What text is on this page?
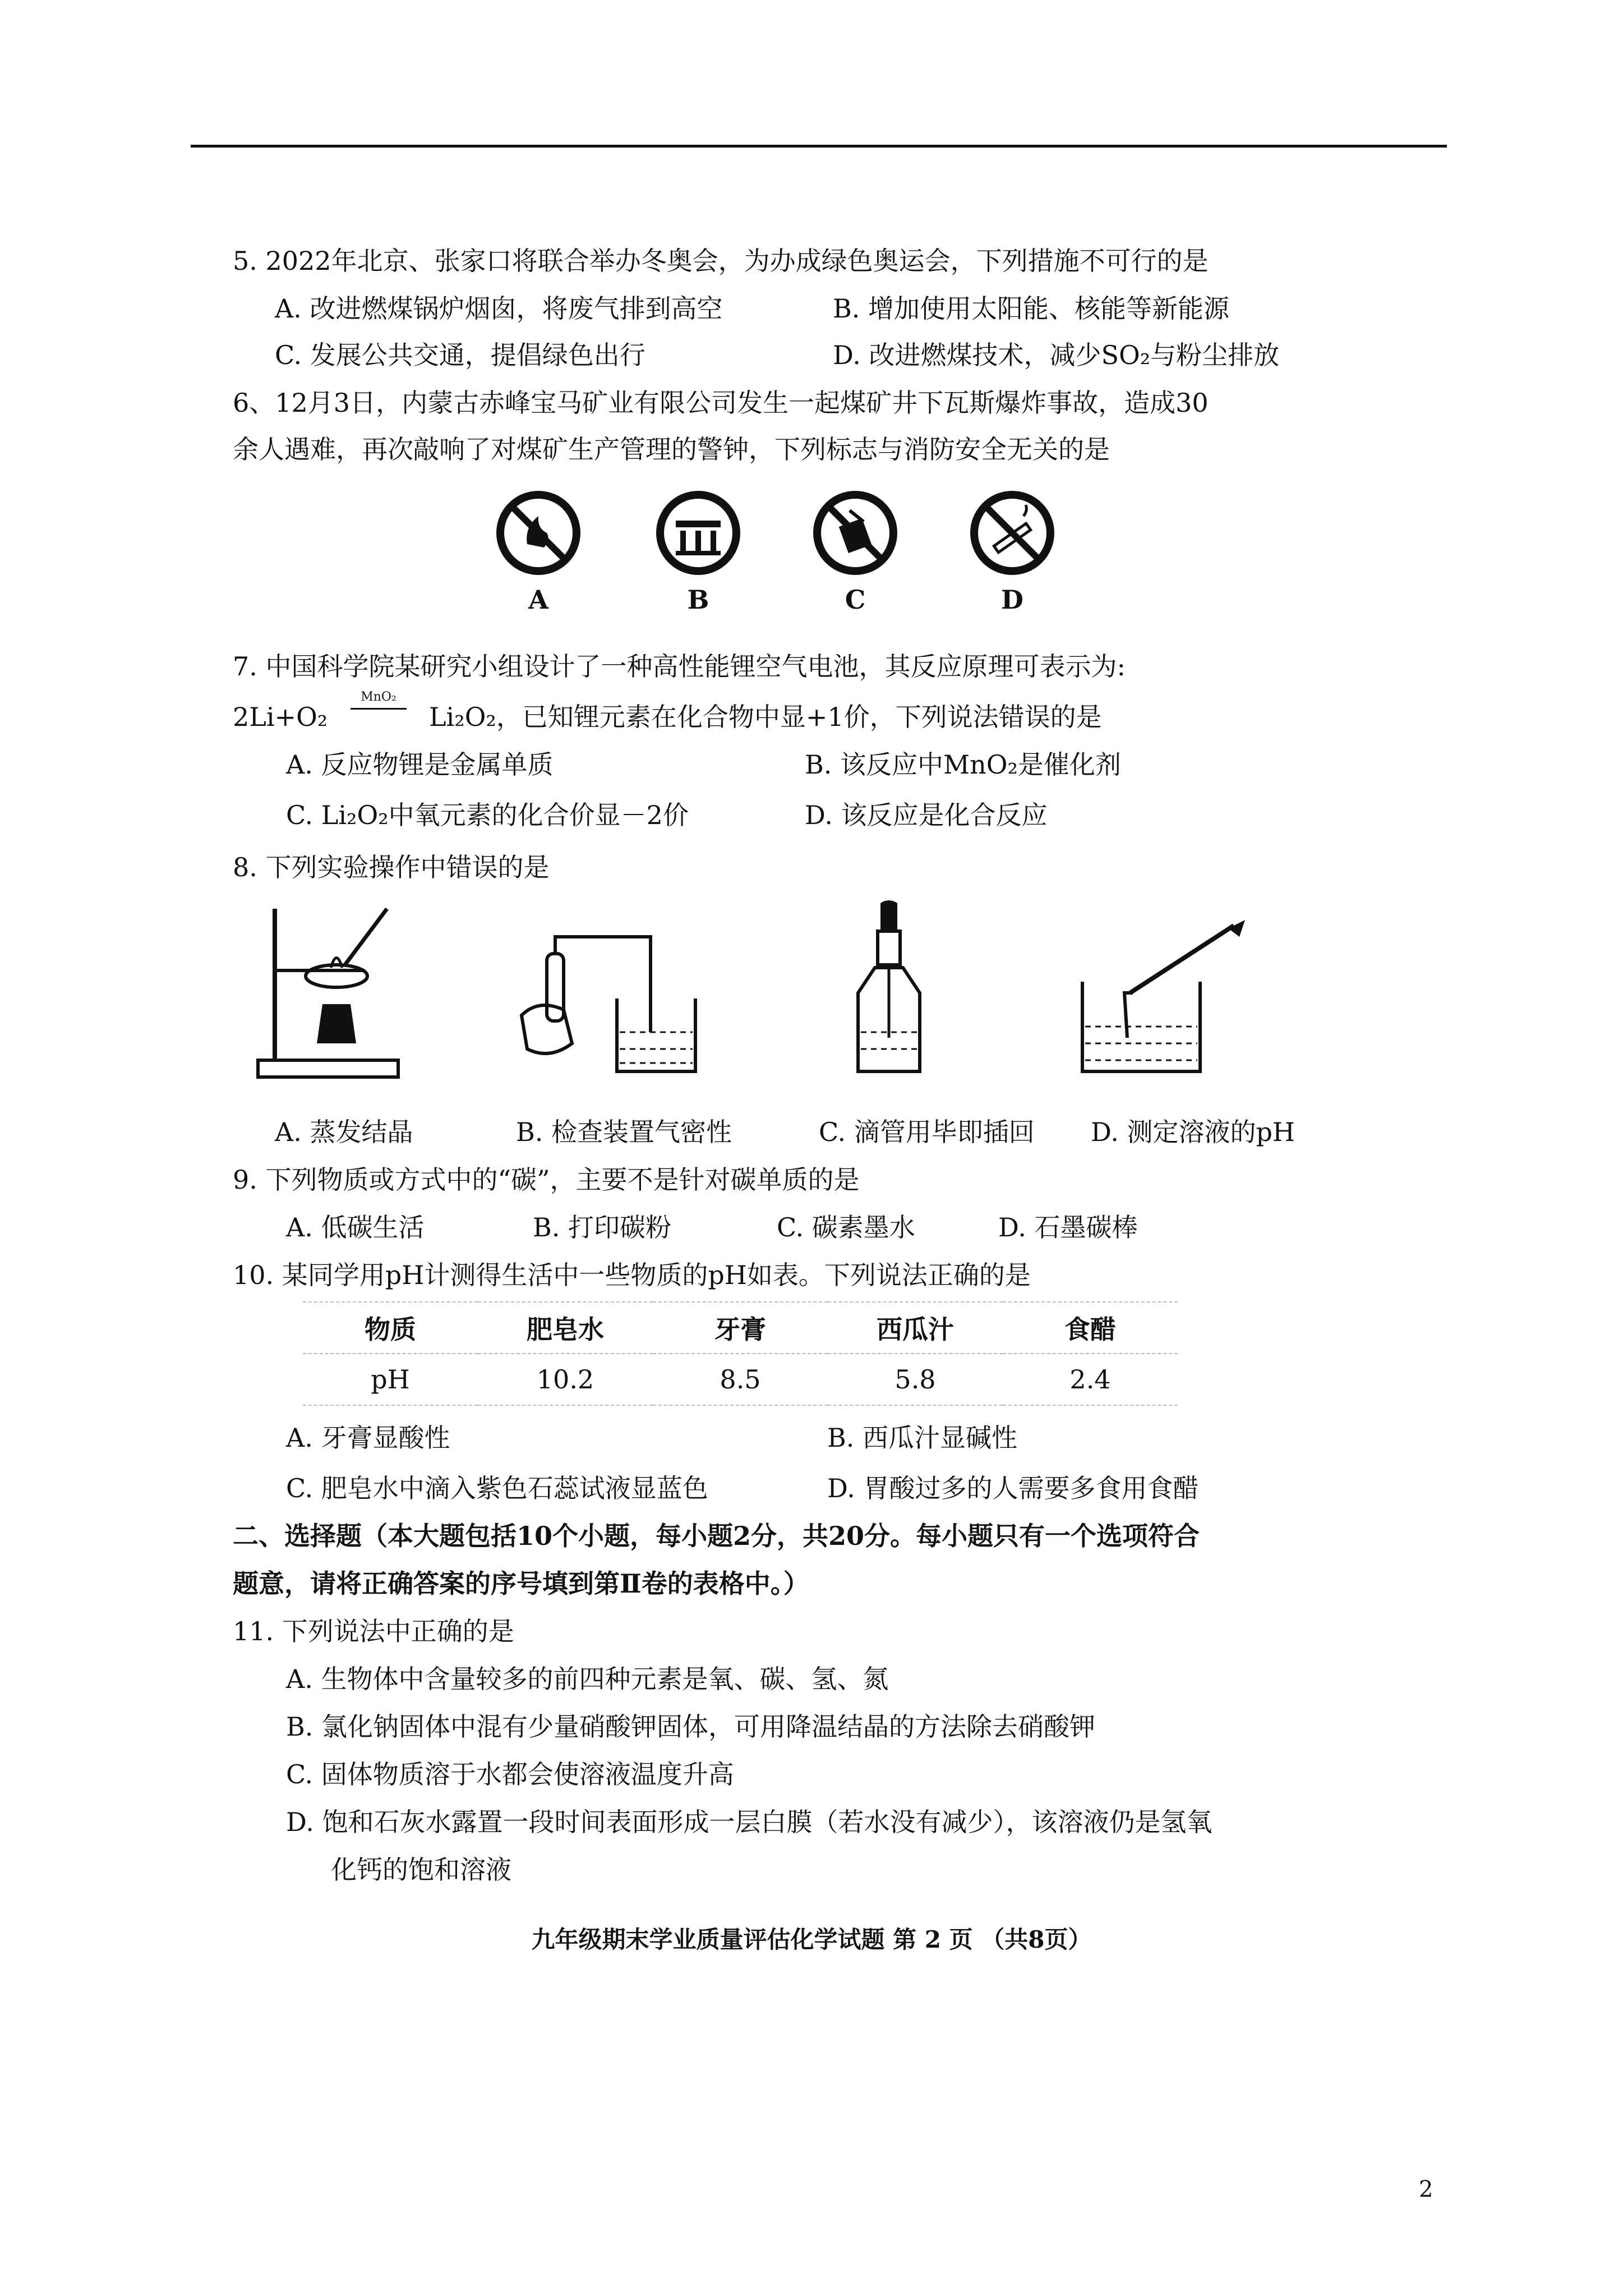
5. 2022年北京、张家口将联合举办冬奥会，为办成绿色奥运会，下列措施不可行的是
A. 改进燃煤锅炉烟囱，将废气排到高空	B. 增加使用太阳能、核能等新能源
C. 发展公共交通，提倡绿色出行	D. 改进燃煤技术，减少SO₂与粉尘排放
6、12月3日，内蒙古赤峰宝马矿业有限公司发生一起煤矿井下瓦斯爆炸事故，造成30
余人遇难，再次敲响了对煤矿生产管理的警钟，下列标志与消防安全无关的是
A	B	C	D
7. 中国科学院某研究小组设计了一种高性能锂空气电池，其反应原理可表示为:
2Li+O₂
MnO₂
Li₂O₂，已知锂元素在化合物中显+1价，下列说法错误的是
A. 反应物锂是金属单质	B. 该反应中MnO₂是催化剂
C. Li₂O₂中氧元素的化合价显－2价	D. 该反应是化合反应
8. 下列实验操作中错误的是
A. 蒸发结晶	B. 检查装置气密性	C. 滴管用毕即插回 D. 测定溶液的pH
9. 下列物质或方式中的“碳”，主要不是针对碳单质的是
A. 低碳生活	B. 打印碳粉	C. 碳素墨水	D. 石墨碳棒
10. 某同学用pH计测得生活中一些物质的pH如表。下列说法正确的是
物质	肥皂水	牙膏	西瓜汁	食醋
pH	10.2	8.5	5.8	2.4
A. 牙膏显酸性	B. 西瓜汁显碱性
C. 肥皂水中滴入紫色石蕊试液显蓝色	D. 胃酸过多的人需要多食用食醋
二、选择题（本大题包括10个小题，每小题2分，共20分。每小题只有一个选项符合
题意，请将正确答案的序号填到第Ⅱ卷的表格中。）
11. 下列说法中正确的是
A. 生物体中含量较多的前四种元素是氧、碳、氢、氮
B. 氯化钠固体中混有少量硝酸钾固体，可用降温结晶的方法除去硝酸钾
C. 固体物质溶于水都会使溶液温度升高
D. 饱和石灰水露置一段时间表面形成一层白膜（若水没有减少），该溶液仍是氢氧
化钙的饱和溶液
九年级期末学业质量评估化学试题 第 2 页 （共8页）
2
